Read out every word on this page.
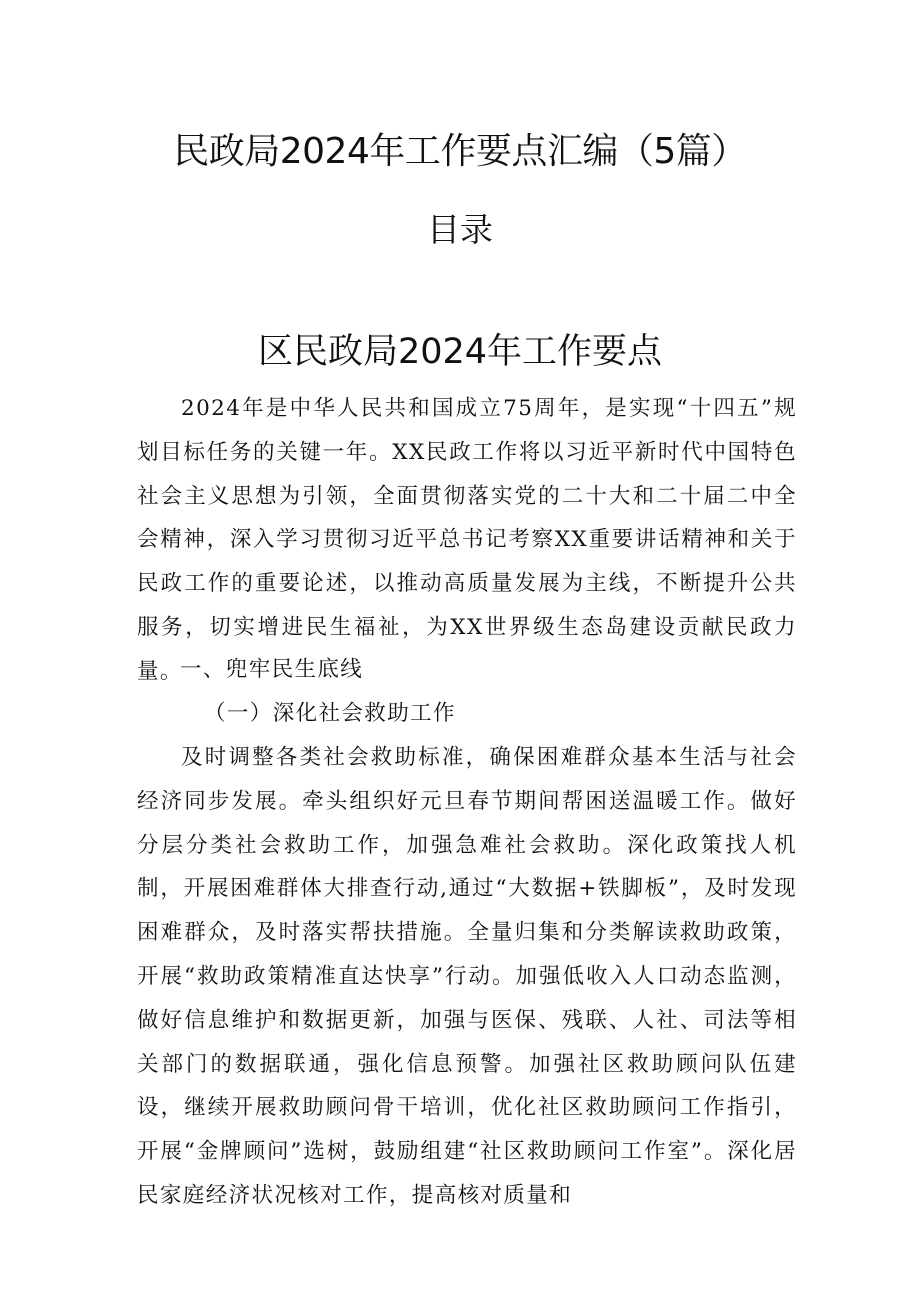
民政局2024年工作要点汇编（5篇）
目录
区民政局2024年工作要点

2024年是中华人民共和国成立75周年，是实现“十四五”规划目标任务的关键一年。XX民政工作将以习近平新时代中国特色社会主义思想为引领，全面贯彻落实党的二十大和二十届二中全会精神，深入学习贯彻习近平总书记考察XX重要讲话精神和关于民政工作的重要论述，以推动高质量发展为主线，不断提升公共服务，切实增进民生福祉，为XX世界级生态岛建设贡献民政力量。

一、兜牢民生底线
（一）深化社会救助工作

及时调整各类社会救助标准，确保困难群众基本生活与社会经济同步发展。牵头组织好元旦春节期间帮困送温暖工作。做好分层分类社会救助工作，加强急难社会救助。深化政策找人机制，开展困难群体大排查行动,通过“大数据+铁脚板”，及时发现困难群众，及时落实帮扶措施。全量归集和分类解读救助政策，开展“救助政策精准直达快享”行动。加强低收入人口动态监测，做好信息维护和数据更新，加强与医保、残联、人社、司法等相关部门的数据联通，强化信息预警。加强社区救助顾问队伍建设，继续开展救助顾问骨干培训，优化社区救助顾问工作指引，开展“金牌顾问”选树，鼓励组建“社区救助顾问工作室”。深化居民家庭经济状况核对工作，提高核对质量和
